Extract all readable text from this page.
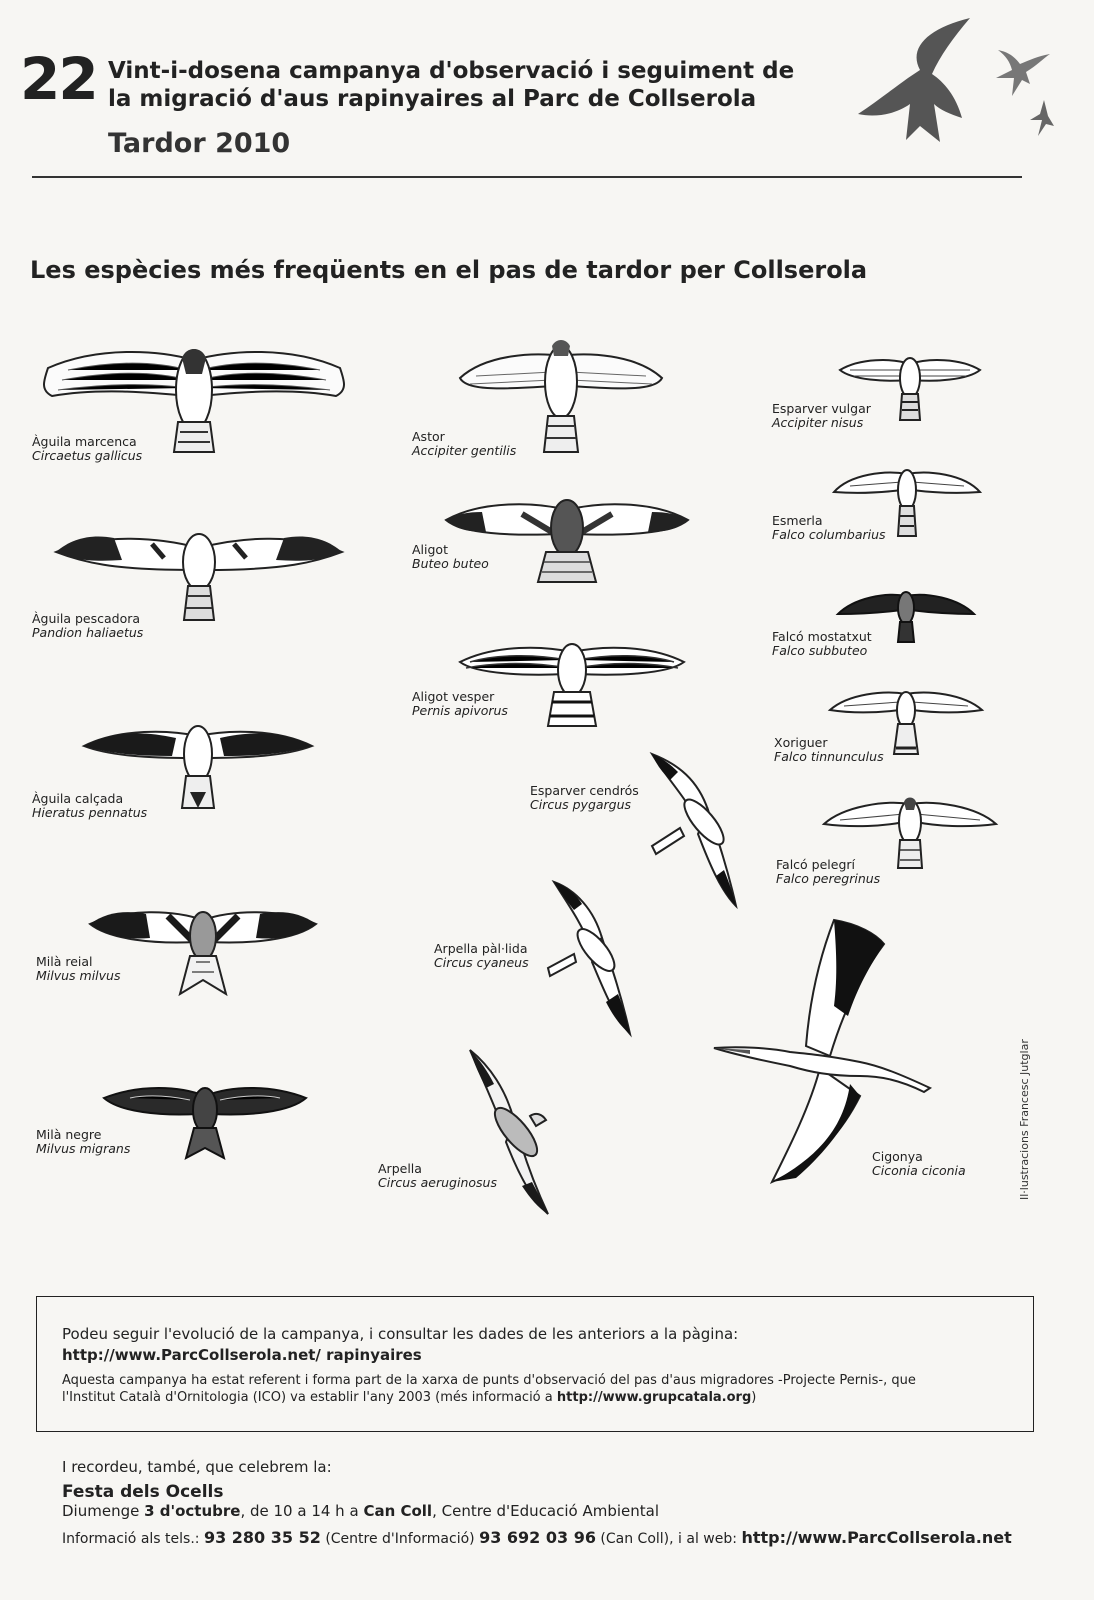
22 Vint-i-dosena campanya d'observació i seguiment de
la migració d'aus rapinyaires al Parc de Collserola
Tardor 2010
Les espècies més freqüents en el pas de tardor per Collserola
Àguila marcenca
Circaetus gallicus
Àguila pescadora
Pandion haliaetus
Àguila calçada
Hieratus pennatus
Milà reial
Milvus milvus
Milà negre
Milvus migrans
Astor
Accipiter gentilis
Aligot
Buteo buteo
Aligot vesper
Pernis apivorus
Esparver cendrós
Circus pygargus
Arpella pàl·lida
Circus cyaneus
Arpella
Circus aeruginosus
Esparver vulgar
Accipiter nisus
Esmerla
Falco columbarius
Falcó mostatxut
Falco subbuteo
Xoriguer
Falco tinnunculus
Falcó pelegrí
Falco peregrinus
Cigonya
Ciconia ciconia	Il·lustracions Francesc Jutglar
Podeu seguir l'evolució de la campanya, i consultar les dades de les anteriors a la pàgina:
http://www.ParcCollserola.net/ rapinyaires
Aquesta campanya ha estat referent i forma part de la xarxa de punts d'observació del pas d'aus migradores -Projecte Pernis-, que
l'Institut Català d'Ornitologia (ICO) va establir l'any 2003 (més informació a http://www.grupcatala.org)
I recordeu, també, que celebrem la:
Festa dels Ocells
Diumenge 3 d'octubre, de 10 a 14 h a Can Coll, Centre d'Educació Ambiental
Informació als tels.: 93 280 35 52 (Centre d'Informació) 93 692 03 96 (Can Coll), i al web: http://www.ParcCollserola.net
